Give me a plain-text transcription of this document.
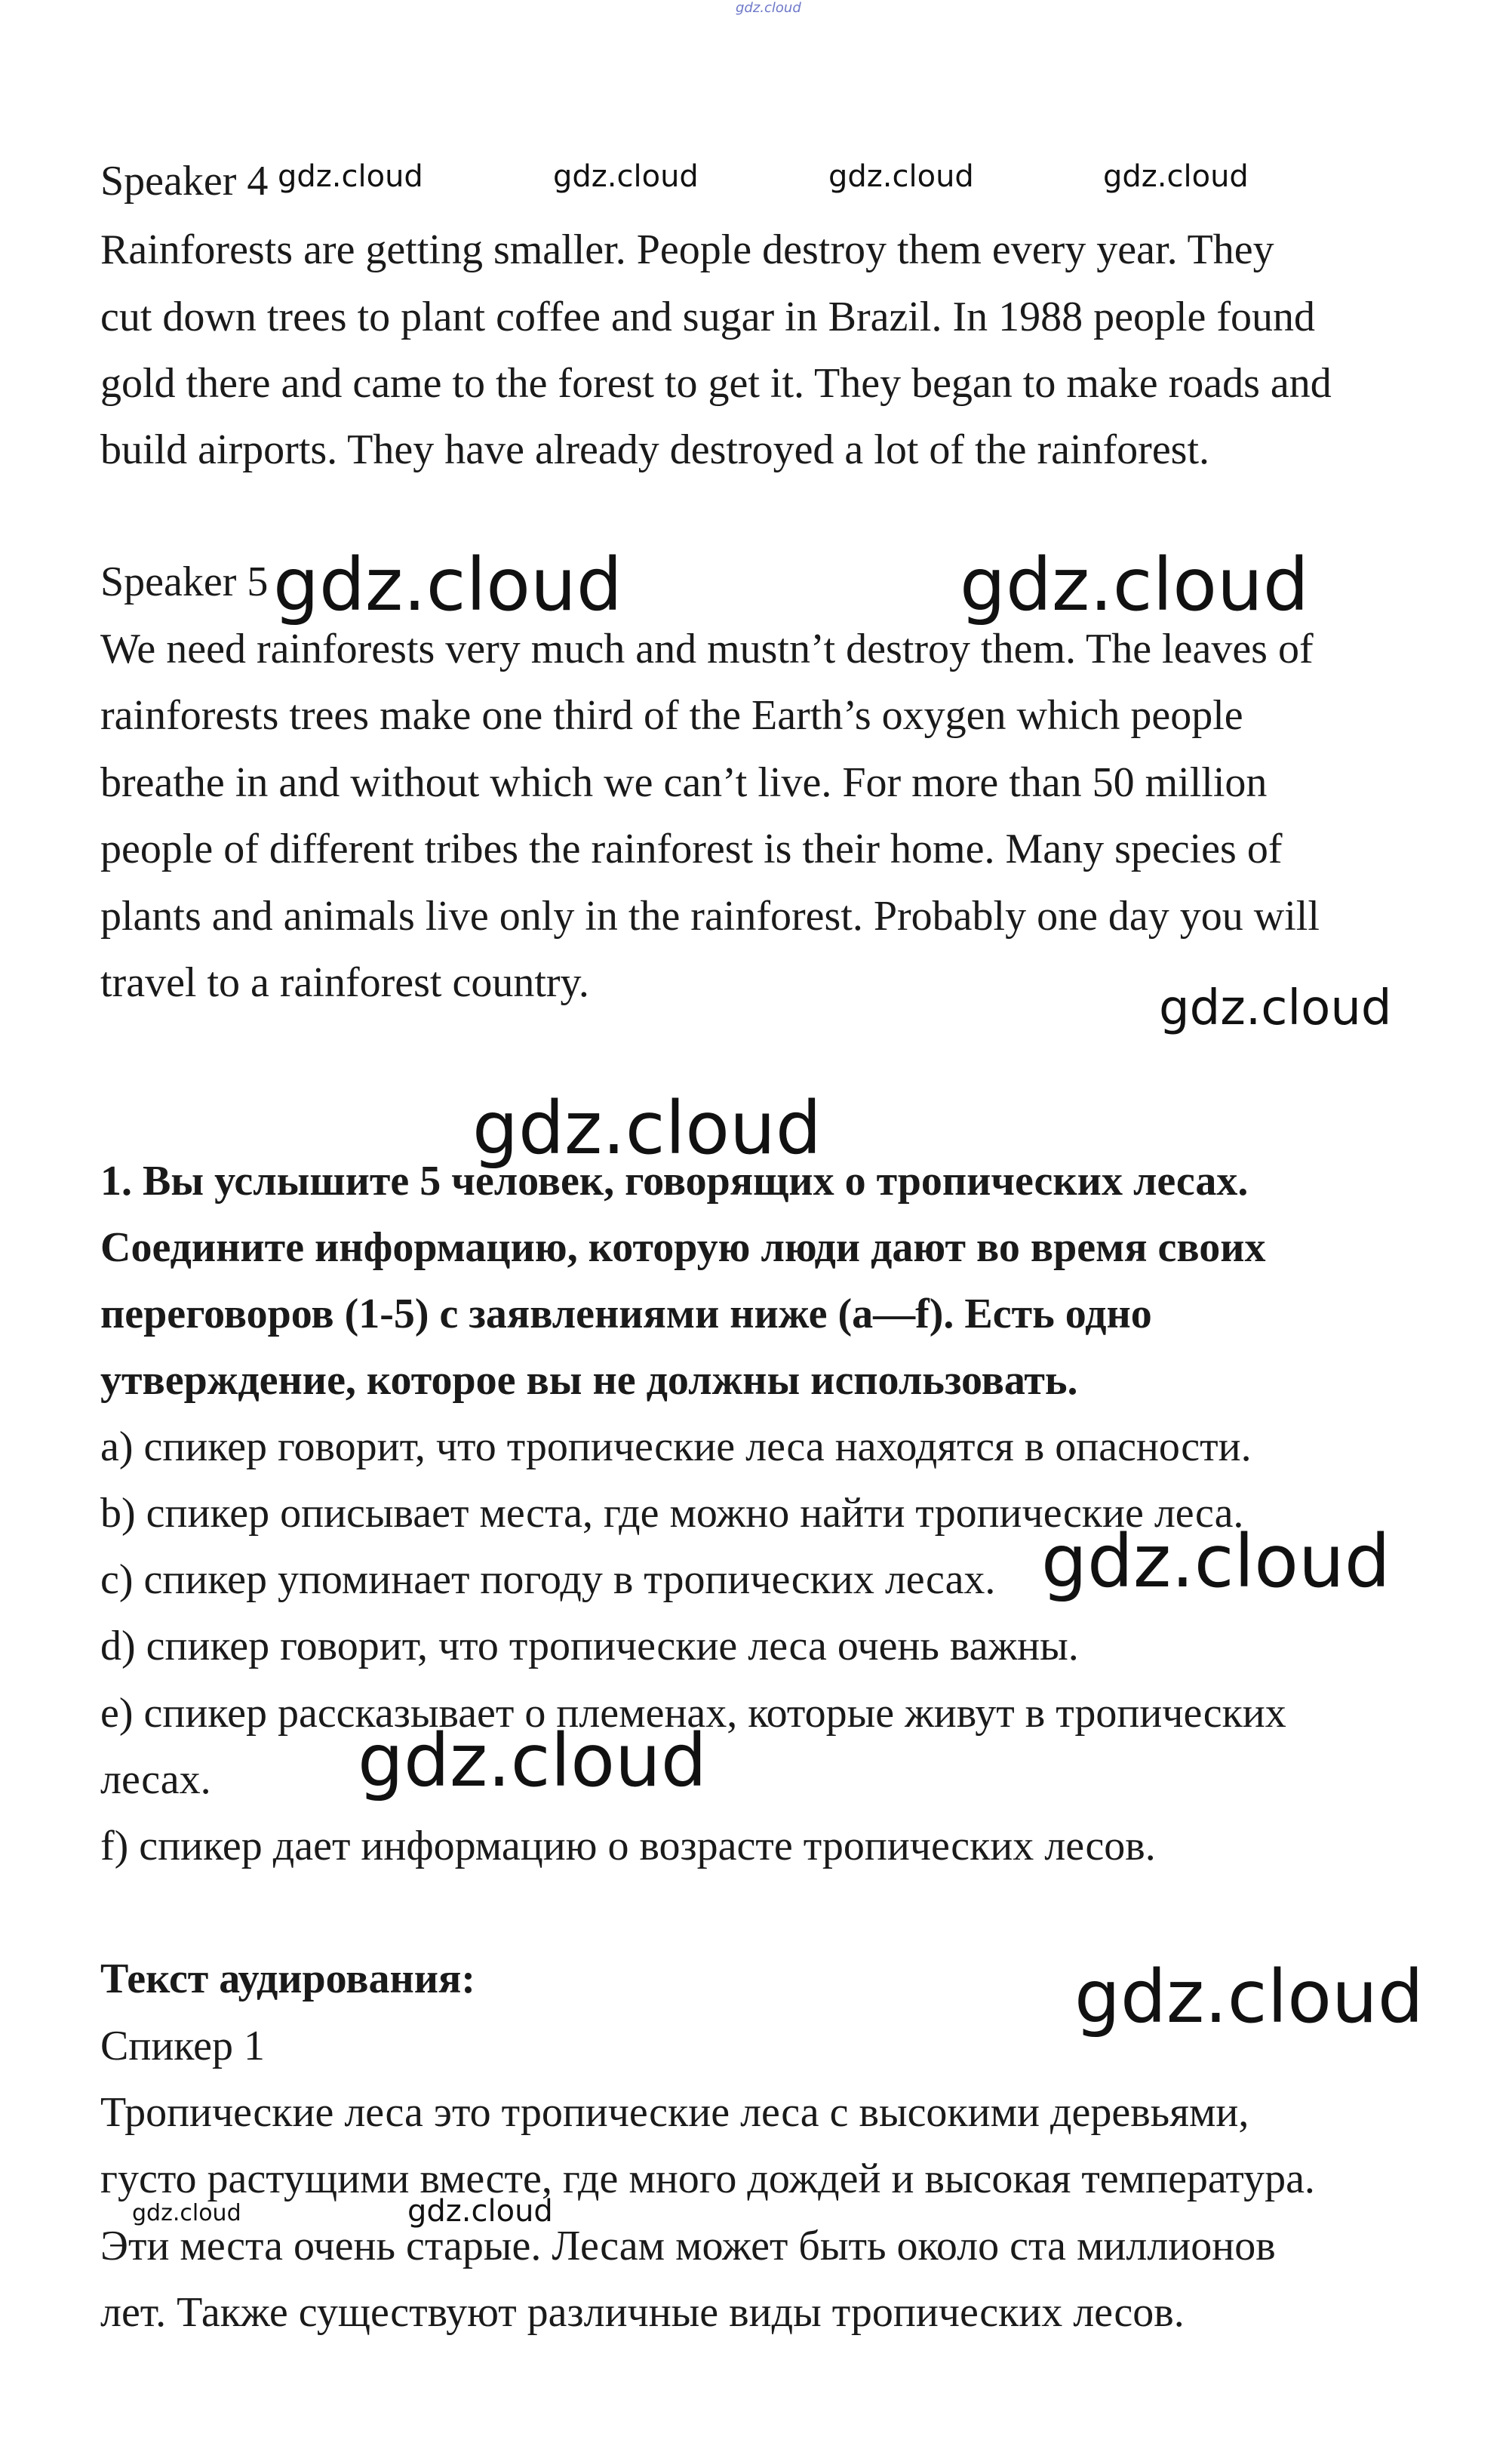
gdz.cloud
Speaker 4
Rainforests are getting smaller. People destroy them every year. They
cut down trees to plant coffee and sugar in Brazil. In 1988 people found
gold there and came to the forest to get it. They began to make roads and
build airports. They have already destroyed a lot of the rainforest.
Speaker 5
We need rainforests very much and mustn’t destroy them. The leaves of
rainforests trees make one third of the Earth’s oxygen which people
breathe in and without which we can’t live. For more than 50 million
people of different tribes the rainforest is their home. Many species of
plants and animals live only in the rainforest. Probably one day you will
travel to a rainforest country.
1. Вы услышите 5 человек, говорящих о тропических лесах.
Соедините информацию, которую люди дают во время своих
переговоров (1-5) с заявлениями ниже (a—f). Есть одно
утверждение, которое вы не должны использовать.
a) спикер говорит, что тропические леса находятся в опасности.
b) спикер описывает места, где можно найти тропические леса.
c) спикер упоминает погоду в тропических лесах.
d) спикер говорит, что тропические леса очень важны.
e) спикер рассказывает о племенах, которые живут в тропических
лесах.
f) спикер дает информацию о возрасте тропических лесов.
Текст аудирования:
Спикер 1
Тропические леса это тропические леса с высокими деревьями,
густо растущими вместе, где много дождей и высокая температура.
Эти места очень старые. Лесам может быть около ста миллионов
лет. Также существуют различные виды тропических лесов.
gdz.cloud	gdz.cloud	gdz.cloud	gdz.cloud
gdz.cloud	gdz.cloud
gdz.cloud
gdz.cloud
gdz.cloud
gdz.cloud
gdz.cloud
gdz.cloud	gdz.cloud
